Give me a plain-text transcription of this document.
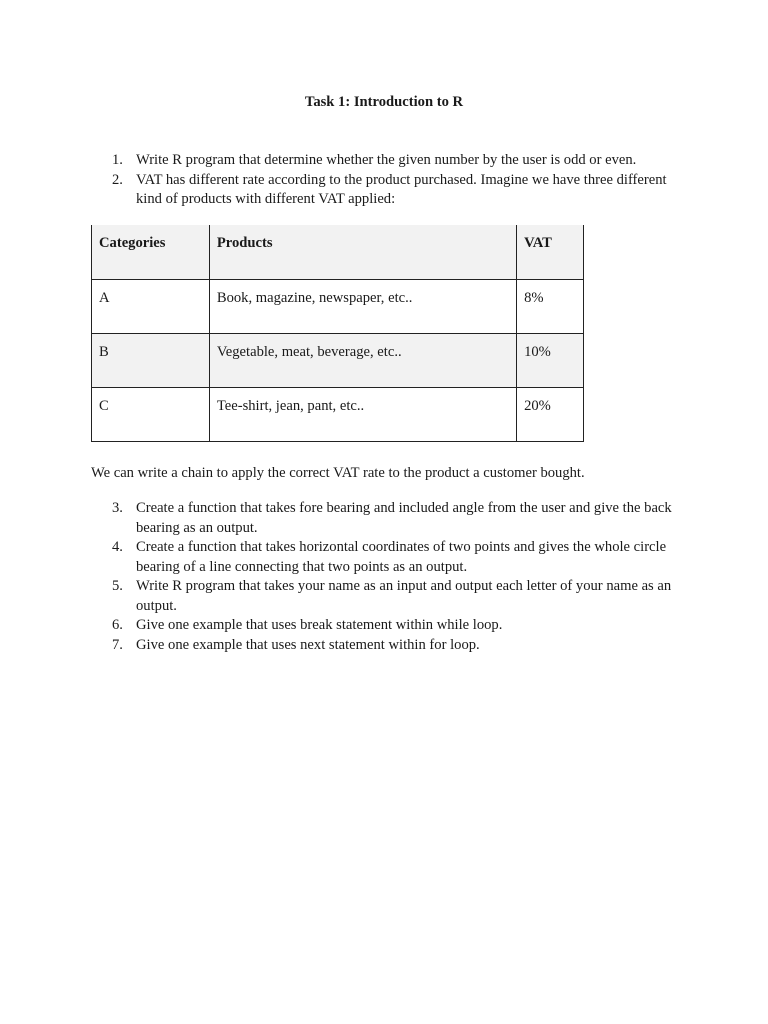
Task 1: Introduction to R
1. Write R program that determine whether the given number by the user is odd or even.
2. VAT has different rate according to the product purchased. Imagine we have three different kind of products with different VAT applied:
Categories	Products	VAT
A	Book, magazine, newspaper, etc..	8%
B	Vegetable, meat, beverage, etc..	10%
C	Tee-shirt, jean, pant, etc..	20%
We can write a chain to apply the correct VAT rate to the product a customer bought.
3. Create a function that takes fore bearing and included angle from the user and give the back bearing as an output.
4. Create a function that takes horizontal coordinates of two points and gives the whole circle bearing of a line connecting that two points as an output.
5. Write R program that takes your name as an input and output each letter of your name as an output.
6. Give one example that uses break statement within while loop.
7. Give one example that uses next statement within for loop.
